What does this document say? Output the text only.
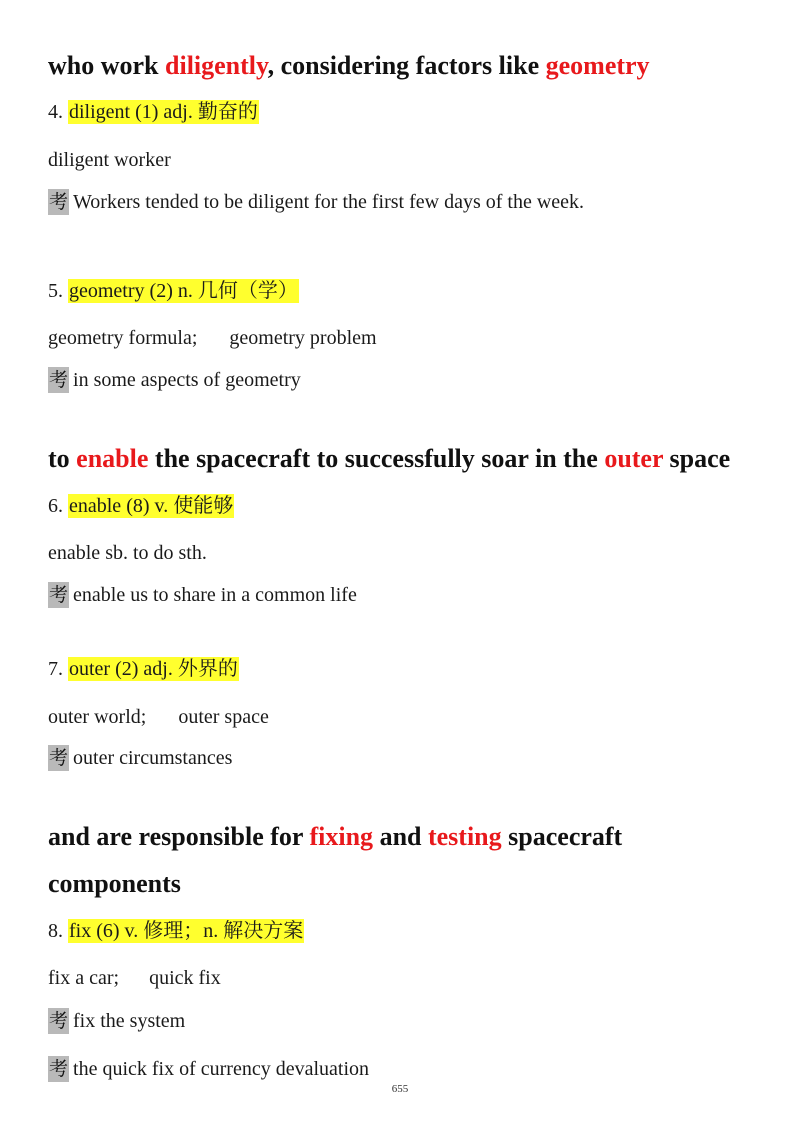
who work diligently, considering factors like geometry
4. diligent (1) adj. 勤奋的
diligent worker
考 Workers tended to be diligent for the first few days of the week.
5. geometry (2) n. 几何（学）
geometry formula; geometry problem
考 in some aspects of geometry
to enable the spacecraft to successfully soar in the outer space
6. enable (8) v. 使能够
enable sb. to do sth.
考 enable us to share in a common life
7. outer (2) adj. 外界的
outer world; outer space
考 outer circumstances
and are responsible for fixing and testing spacecraft
components
8. fix (6) v. 修理；n. 解决方案
fix a car; quick fix
考 fix the system
考 the quick fix of currency devaluation
655
